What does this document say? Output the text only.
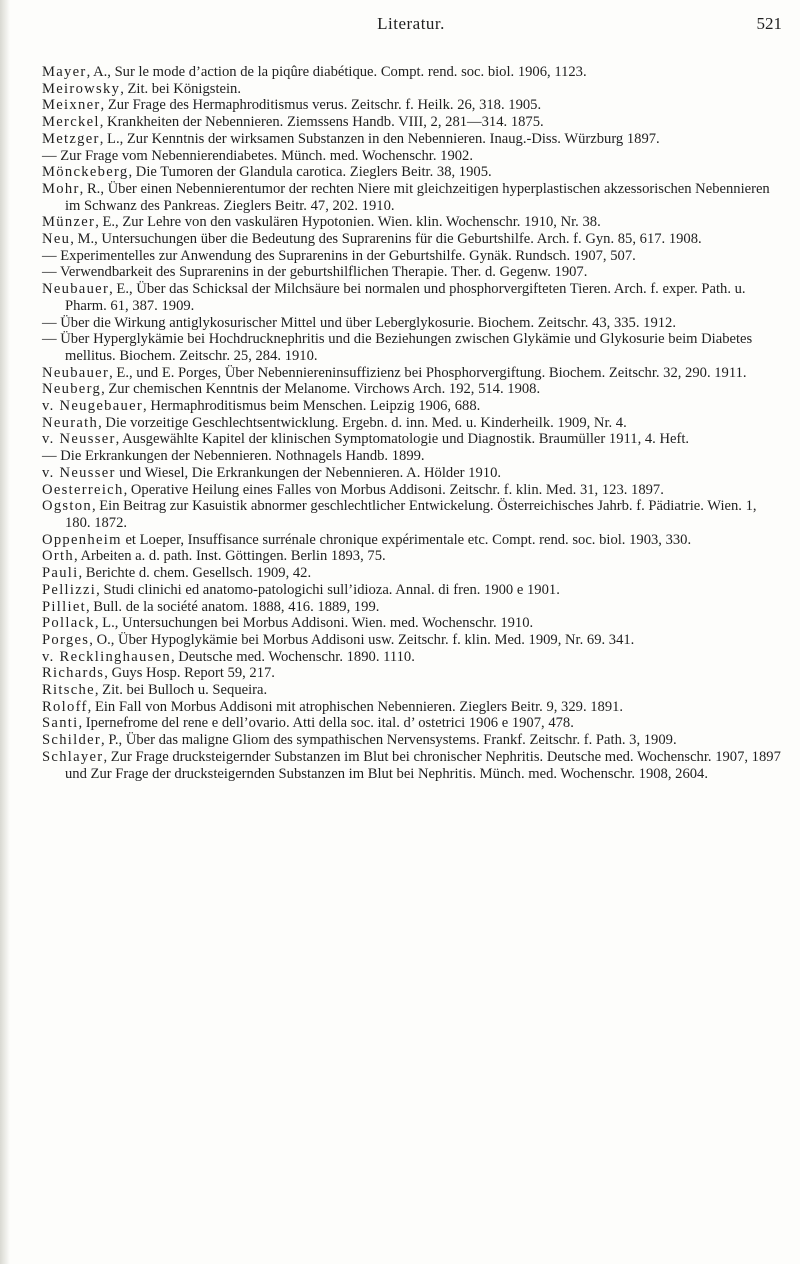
Literatur.	521
Mayer, A., Sur le mode d’action de la piqûre diabétique. Compt. rend. soc. biol. 1906, 1123.
Meirowsky, Zit. bei Königstein.
Meixner, Zur Frage des Hermaphroditismus verus. Zeitschr. f. Heilk. 26, 318. 1905.
Merckel, Krankheiten der Nebennieren. Ziemssens Handb. VIII, 2, 281—314. 1875.
Metzger, L., Zur Kenntnis der wirksamen Substanzen in den Nebennieren. Inaug.-Diss. Würzburg 1897.
— Zur Frage vom Nebennierendiabetes. Münch. med. Wochenschr. 1902.
Mönckeberg, Die Tumoren der Glandula carotica. Zieglers Beitr. 38, 1905.
Mohr, R., Über einen Nebennierentumor der rechten Niere mit gleichzeitigen hyperplastischen akzessorischen Nebennieren im Schwanz des Pankreas. Zieglers Beitr. 47, 202. 1910.
Münzer, E., Zur Lehre von den vaskulären Hypotonien. Wien. klin. Wochenschr. 1910, Nr. 38.
Neu, M., Untersuchungen über die Bedeutung des Suprarenins für die Geburtshilfe. Arch. f. Gyn. 85, 617. 1908.
— Experimentelles zur Anwendung des Suprarenins in der Geburtshilfe. Gynäk. Rundsch. 1907, 507.
— Verwendbarkeit des Suprarenins in der geburtshilflichen Therapie. Ther. d. Gegenw. 1907.
Neubauer, E., Über das Schicksal der Milchsäure bei normalen und phosphorvergifteten Tieren. Arch. f. exper. Path. u. Pharm. 61, 387. 1909.
— Über die Wirkung antiglykosurischer Mittel und über Leberglykosurie. Biochem. Zeitschr. 43, 335. 1912.
— Über Hyperglykämie bei Hochdrucknephritis und die Beziehungen zwischen Glykämie und Glykosurie beim Diabetes mellitus. Biochem. Zeitschr. 25, 284. 1910.
Neubauer, E., und E. Porges, Über Nebenniereninsuffizienz bei Phosphorvergiftung. Biochem. Zeitschr. 32, 290. 1911.
Neuberg, Zur chemischen Kenntnis der Melanome. Virchows Arch. 192, 514. 1908.
v. Neugebauer, Hermaphroditismus beim Menschen. Leipzig 1906, 688.
Neurath, Die vorzeitige Geschlechtsentwicklung. Ergebn. d. inn. Med. u. Kinderheilk. 1909, Nr. 4.
v. Neusser, Ausgewählte Kapitel der klinischen Symptomatologie und Diagnostik. Braumüller 1911, 4. Heft.
— Die Erkrankungen der Nebennieren. Nothnagels Handb. 1899.
v. Neusser und Wiesel, Die Erkrankungen der Nebennieren. A. Hölder 1910.
Oesterreich, Operative Heilung eines Falles von Morbus Addisoni. Zeitschr. f. klin. Med. 31, 123. 1897.
Ogston, Ein Beitrag zur Kasuistik abnormer geschlechtlicher Entwickelung. Österreichisches Jahrb. f. Pädiatrie. Wien. 1, 180. 1872.
Oppenheim et Loeper, Insuffisance surrénale chronique expérimentale etc. Compt. rend. soc. biol. 1903, 330.
Orth, Arbeiten a. d. path. Inst. Göttingen. Berlin 1893, 75.
Pauli, Berichte d. chem. Gesellsch. 1909, 42.
Pellizzi, Studi clinichi ed anatomo-patologichi sull’idioza. Annal. di fren. 1900 e 1901.
Pilliet, Bull. de la société anatom. 1888, 416. 1889, 199.
Pollack, L., Untersuchungen bei Morbus Addisoni. Wien. med. Wochenschr. 1910.
Porges, O., Über Hypoglykämie bei Morbus Addisoni usw. Zeitschr. f. klin. Med. 1909, Nr. 69. 341.
v. Recklinghausen, Deutsche med. Wochenschr. 1890. 1110.
Richards, Guys Hosp. Report 59, 217.
Ritsche, Zit. bei Bulloch u. Sequeira.
Roloff, Ein Fall von Morbus Addisoni mit atrophischen Nebennieren. Zieglers Beitr. 9, 329. 1891.
Santi, Ipernefrome del rene e dell’ovario. Atti della soc. ital. d’ ostetrici 1906 e 1907, 478.
Schilder, P., Über das maligne Gliom des sympathischen Nervensystems. Frankf. Zeitschr. f. Path. 3, 1909.
Schlayer, Zur Frage drucksteigernder Substanzen im Blut bei chronischer Nephritis. Deutsche med. Wochenschr. 1907, 1897 und Zur Frage der drucksteigernden Substanzen im Blut bei Nephritis. Münch. med. Wochenschr. 1908, 2604.
